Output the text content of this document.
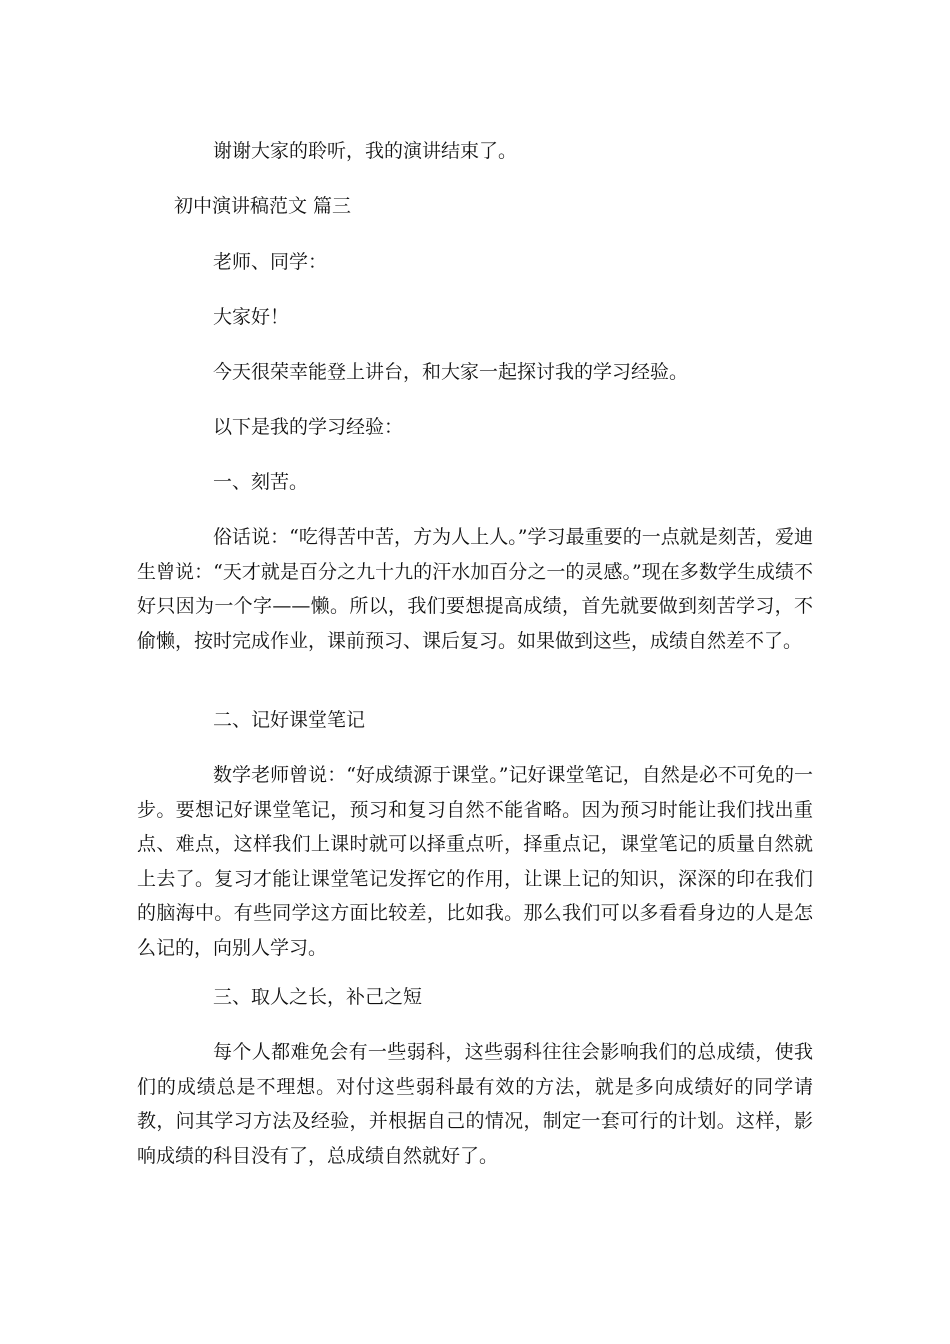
谢谢大家的聆听，我的演讲结束了。
初中演讲稿范文 篇三
老师、同学：
大家好！
今天很荣幸能登上讲台，和大家一起探讨我的学习经验。
以下是我的学习经验：
一、刻苦。
俗话说：“吃得苦中苦，方为人上人。”学习最重要的一点就是刻苦，爱迪生曾说：“天才就是百分之九十九的汗水加百分之一的灵感。”现在多数学生成绩不好只因为一个字——懒。所以，我们要想提高成绩，首先就要做到刻苦学习，不偷懒，按时完成作业，课前预习、课后复习。如果做到这些，成绩自然差不了。
二、记好课堂笔记
数学老师曾说：“好成绩源于课堂。”记好课堂笔记，自然是必不可免的一步。要想记好课堂笔记，预习和复习自然不能省略。因为预习时能让我们找出重点、难点，这样我们上课时就可以择重点听，择重点记，课堂笔记的质量自然就上去了。复习才能让课堂笔记发挥它的作用，让课上记的知识，深深的印在我们的脑海中。有些同学这方面比较差，比如我。那么我们可以多看看身边的人是怎么记的，向别人学习。
三、取人之长，补己之短
每个人都难免会有一些弱科，这些弱科往往会影响我们的总成绩，使我们的成绩总是不理想。对付这些弱科最有效的方法，就是多向成绩好的同学请教，问其学习方法及经验，并根据自己的情况，制定一套可行的计划。这样，影响成绩的科目没有了，总成绩自然就好了。
